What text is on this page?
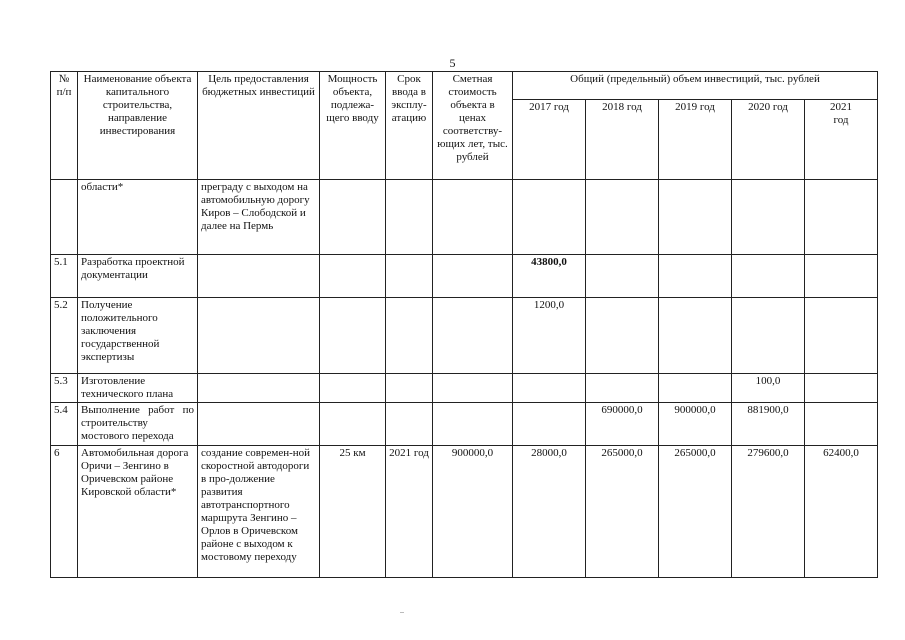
5
№ п/п	Наименование объекта капитального строительства, направление инвестирования	Цель предоставления бюджетных инвестиций	Мощность объекта, подлежа-щего вводу	Срок ввода в эксплу-атацию	Сметная стоимость объекта в ценах соответству-ющих лет, тыс. рублей	Общий (предельный) объем инвестиций, тыс. рублей				
						2017 год	2018 год	2019 год	2020 год	2021 год
	области*	преграду с выходом на автомобильную дорогу Киров – Слободской и далее на Пермь								
5.1	Разработка проектной документации					43800,0				
5.2	Получение положительного заключения государственной экспертизы					1200,0				
5.3	Изготовление технического плана								100,0	
5.4	Выполнение работ по строительству мостового перехода						690000,0	900000,0	881900,0	
6	Автомобильная дорога Оричи – Зенгино в Оричевском районе Кировской области*	создание современ-ной скоростной автодороги в про-должение развития автотранспортного маршрута Зенгино – Орлов в Оричевском районе с выходом к мостовому переходу	25 км	2021 год	900000,0	28000,0	265000,0	265000,0	279600,0	62400,0
